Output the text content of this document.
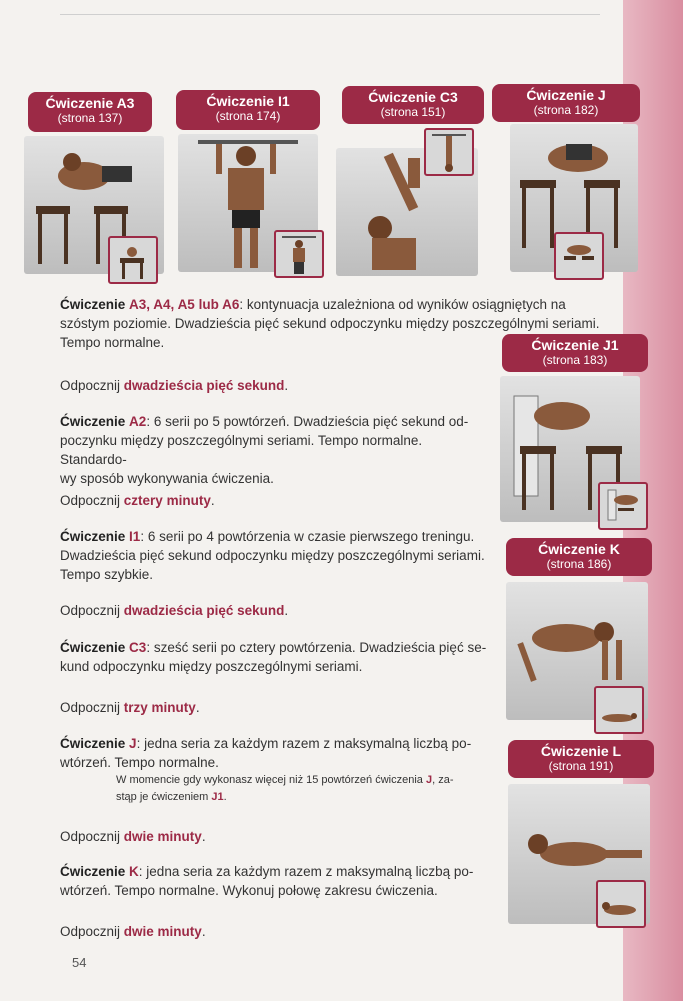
Ćwiczenie A3
(strona 137)
Ćwiczenie I1
(strona 174)
Ćwiczenie C3
(strona 151)
Ćwiczenie J
(strona 182)
Ćwiczenie J1
(strona 183)
Ćwiczenie K
(strona 186)
Ćwiczenie L
(strona 191)
Ćwiczenie A3, A4, A5 lub A6: kontynuacja uzależniona od wyników osiągniętych na
szóstym poziomie. Dwadzieścia pięć sekund odpoczynku między poszczególnymi seriami.
Tempo normalne.
Odpocznij dwadzieścia pięć sekund.
Ćwiczenie A2: 6 serii po 5 powtórzeń. Dwadzieścia pięć sekund od-
poczynku między poszczególnymi seriami. Tempo normalne. Standardo-
wy sposób wykonywania ćwiczenia.
Odpocznij cztery minuty.
Ćwiczenie I1: 6 serii po 4 powtórzenia w czasie pierwszego treningu.
Dwadzieścia pięć sekund odpoczynku między poszczególnymi seriami.
Tempo szybkie.
Odpocznij dwadzieścia pięć sekund.
Ćwiczenie C3: sześć serii po cztery powtórzenia. Dwadzieścia pięć se-
kund odpoczynku między poszczególnymi seriami.
Odpocznij trzy minuty.
Ćwiczenie J: jedna seria za każdym razem z maksymalną liczbą po-
wtórzeń. Tempo normalne.
W momencie gdy wykonasz więcej niż 15 powtórzeń ćwiczenia J, za-
stąp je ćwiczeniem J1.
Odpocznij dwie minuty.
Ćwiczenie K: jedna seria za każdym razem z maksymalną liczbą po-
wtórzeń. Tempo normalne. Wykonuj połowę zakresu ćwiczenia.
Odpocznij dwie minuty.
54
